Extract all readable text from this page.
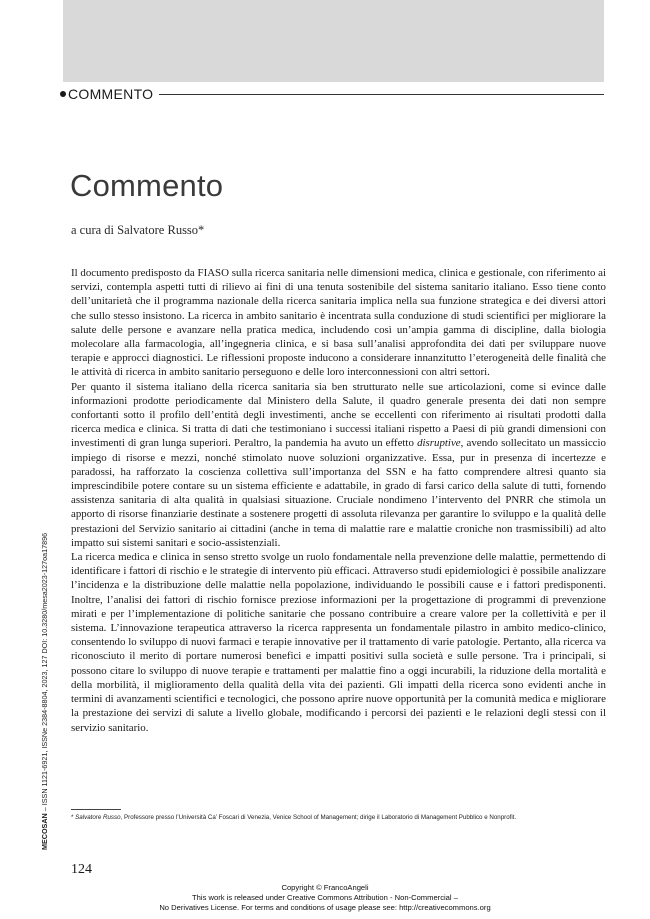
COMMENTO
Commento
a cura di Salvatore Russo*

Il documento predisposto da FIASO sulla ricerca sanitaria nelle dimensioni medica, clinica e gestionale, con riferimento ai servizi, contempla aspetti tutti di rilievo ai fini di una tenuta sostenibile del sistema sanitario italiano. Esso tiene conto dell’unitarietà che il programma nazionale della ricerca sanitaria implica nella sua funzione strategica e dei diversi attori che sullo stesso insistono. La ricerca in ambito sanitario è incentrata sulla conduzione di studi scientifici per migliorare la salute delle persone e avanzare nella pratica medica, includendo così un’ampia gamma di discipline, dalla biologia molecolare alla farmacologia, all’ingegneria clinica, e si basa sull’analisi approfondita dei dati per sviluppare nuove terapie e approcci diagnostici. Le riflessioni proposte inducono a considerare innanzitutto l’eterogeneità delle finalità che le attività di ricerca in ambito sanitario perseguono e delle loro interconnessioni con altri settori.

Per quanto il sistema italiano della ricerca sanitaria sia ben strutturato nelle sue articolazioni, come si evince dalle informazioni prodotte periodicamente dal Ministero della Salute, il quadro generale presenta dei dati non sempre confortanti sotto il profilo dell’entità degli investimenti, anche se eccellenti con riferimento ai risultati prodotti dalla ricerca medica e clinica. Si tratta di dati che testimoniano i successi italiani rispetto a Paesi di più grandi dimensioni con investimenti di gran lunga superiori. Peraltro, la pandemia ha avuto un effetto disruptive, avendo sollecitato un massiccio impiego di risorse e mezzi, nonché stimolato nuove soluzioni organizzative. Essa, pur in presenza di incertezze e paradossi, ha rafforzato la coscienza collettiva sull’importanza del SSN e ha fatto comprendere altresì quanto sia imprescindibile potere contare su un sistema efficiente e adattabile, in grado di farsi carico della salute di tutti, fornendo assistenza sanitaria di alta qualità in qualsiasi situazione. Cruciale nondimeno l’intervento del PNRR che stimola un apporto di risorse finanziarie destinate a sostenere progetti di assoluta rilevanza per garantire lo sviluppo e la qualità delle prestazioni del Servizio sanitario ai cittadini (anche in tema di malattie rare e malattie croniche non trasmissibili) ad alto impatto sui sistemi sanitari e socio-assistenziali.

La ricerca medica e clinica in senso stretto svolge un ruolo fondamentale nella prevenzione delle malattie, permettendo di identificare i fattori di rischio e le strategie di intervento più efficaci. Attraverso studi epidemiologici è possibile analizzare l’incidenza e la distribuzione delle malattie nella popolazione, individuando le possibili cause e i fattori predisponenti. Inoltre, l’analisi dei fattori di rischio fornisce preziose informazioni per la progettazione di programmi di prevenzione mirati e per l’implementazione di politiche sanitarie che possano contribuire a creare valore per la collettività e per il sistema. L’innovazione terapeutica attraverso la ricerca rappresenta un fondamentale pilastro in ambito medico-clinico, consentendo lo sviluppo di nuovi farmaci e terapie innovative per il trattamento di varie patologie. Pertanto, alla ricerca va riconosciuto il merito di portare numerosi benefici e impatti positivi sulla società e sulle persone. Tra i principali, si possono citare lo sviluppo di nuove terapie e trattamenti per malattie fino a oggi incurabili, la riduzione della mortalità e della morbilità, il miglioramento della qualità della vita dei pazienti. Gli impatti della ricerca sono evidenti anche in termini di avanzamenti scientifici e tecnologici, che possono aprire nuove opportunità per la comunità medica e migliorare la prestazione dei servizi di salute a livello globale, modificando i percorsi dei pazienti e le relazioni degli stessi con il servizio sanitario.

* Salvatore Russo, Professore presso l’Università Ca’ Foscari di Venezia, Venice School of Management; dirige il Laboratorio di Management Pubblico e Nonprofit.
124
Copyright © FrancoAngeli
This work is released under Creative Commons Attribution - Non-Commercial –
No Derivatives License. For terms and conditions of usage please see: http://creativecommons.org
MECOSAN – ISSN 1121-6921, ISSNe 2384-8804, 2023, 127 DOI: 10.3280/mesa2023-127oa17896
